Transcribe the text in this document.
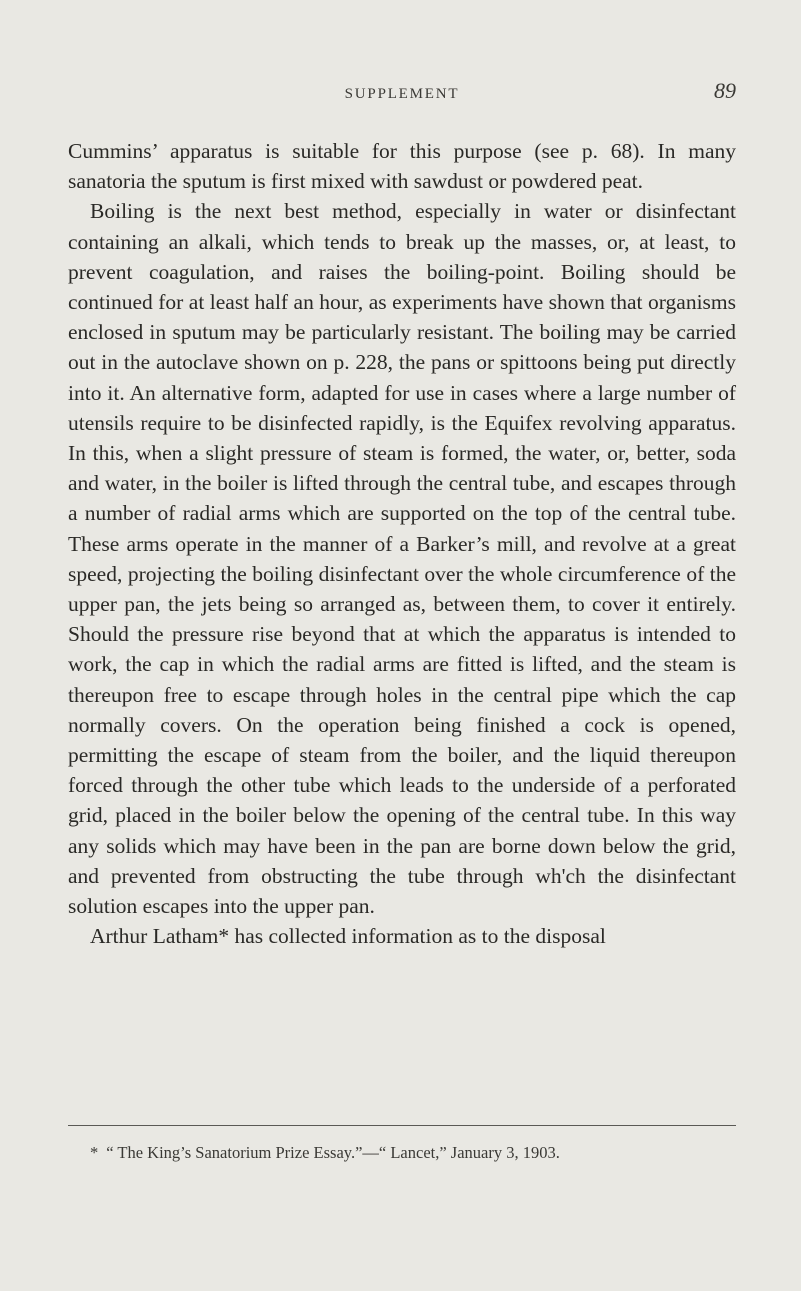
SUPPLEMENT	89

Cummins’ apparatus is suitable for this purpose (see p. 68). In many sanatoria the sputum is first mixed with sawdust or powdered peat.

Boiling is the next best method, especially in water or disinfectant containing an alkali, which tends to break up the masses, or, at least, to prevent coagulation, and raises the boiling-point. Boiling should be continued for at least half an hour, as experiments have shown that organisms enclosed in sputum may be particularly resistant. The boiling may be carried out in the autoclave shown on p. 228, the pans or spittoons being put directly into it. An alternative form, adapted for use in cases where a large number of utensils require to be disinfected rapidly, is the Equifex revolving apparatus. In this, when a slight pressure of steam is formed, the water, or, better, soda and water, in the boiler is lifted through the central tube, and escapes through a number of radial arms which are supported on the top of the central tube. These arms operate in the manner of a Barker’s mill, and revolve at a great speed, projecting the boiling disinfectant over the whole circumference of the upper pan, the jets being so arranged as, between them, to cover it entirely. Should the pressure rise beyond that at which the apparatus is intended to work, the cap in which the radial arms are fitted is lifted, and the steam is thereupon free to escape through holes in the central pipe which the cap normally covers. On the operation being finished a cock is opened, permitting the escape of steam from the boiler, and the liquid thereupon forced through the other tube which leads to the underside of a perforated grid, placed in the boiler below the opening of the central tube. In this way any solids which may have been in the pan are borne down below the grid, and prevented from obstructing the tube through wh'ch the disinfectant solution escapes into the upper pan.

Arthur Latham* has collected information as to the disposal

* “ The King’s Sanatorium Prize Essay.”—“ Lancet,” January 3, 1903.
